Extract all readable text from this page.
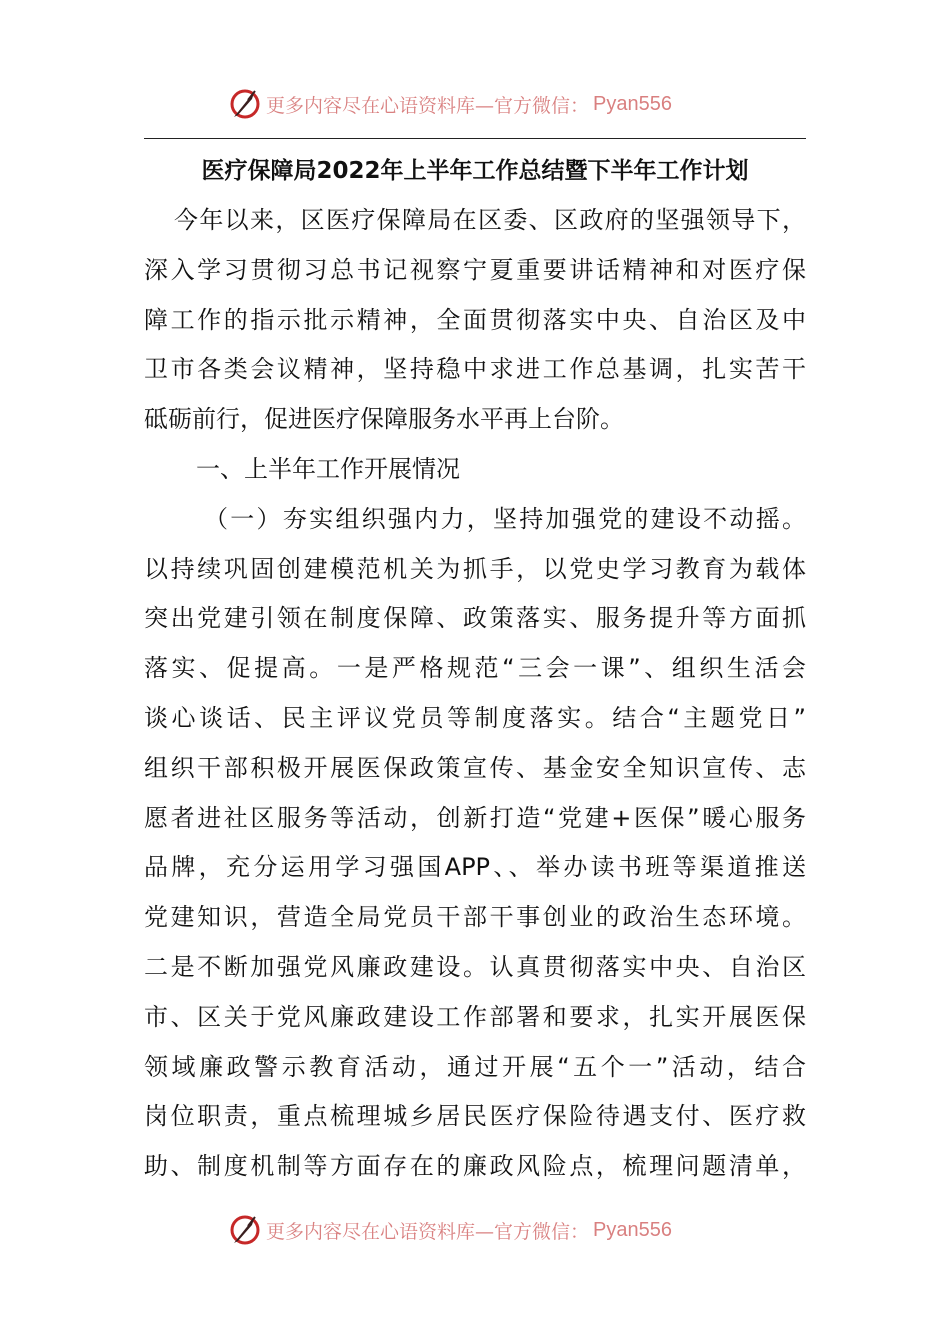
更多内容尽在心语资料库—官方微信： Pyan556
医疗保障局2022年上半年工作总结暨下半年工作计划
今年以来，区医疗保障局在区委、区政府的坚强领导下，
深入学习贯彻习总书记视察宁夏重要讲话精神和对医疗保
障工作的指示批示精神，全面贯彻落实中央、自治区及中
卫市各类会议精神，坚持稳中求进工作总基调，扎实苦干
砥砺前行，促进医疗保障服务水平再上台阶。
一、上半年工作开展情况
（一）夯实组织强内力，坚持加强党的建设不动摇。
以持续巩固创建模范机关为抓手，以党史学习教育为载体
突出党建引领在制度保障、政策落实、服务提升等方面抓
落实、促提高。一是严格规范“三会一课”、组织生活会
谈心谈话、民主评议党员等制度落实。结合“主题党日”
组织干部积极开展医保政策宣传、基金安全知识宣传、志
愿者进社区服务等活动，创新打造“党建+医保”暖心服务
品牌，充分运用学习强国APP、、举办读书班等渠道推送
党建知识，营造全局党员干部干事创业的政治生态环境。
二是不断加强党风廉政建设。认真贯彻落实中央、自治区
市、区关于党风廉政建设工作部署和要求，扎实开展医保
领域廉政警示教育活动，通过开展“五个一”活动，结合
岗位职责，重点梳理城乡居民医疗保险待遇支付、医疗救
助、制度机制等方面存在的廉政风险点，梳理问题清单，
更多内容尽在心语资料库—官方微信： Pyan556
